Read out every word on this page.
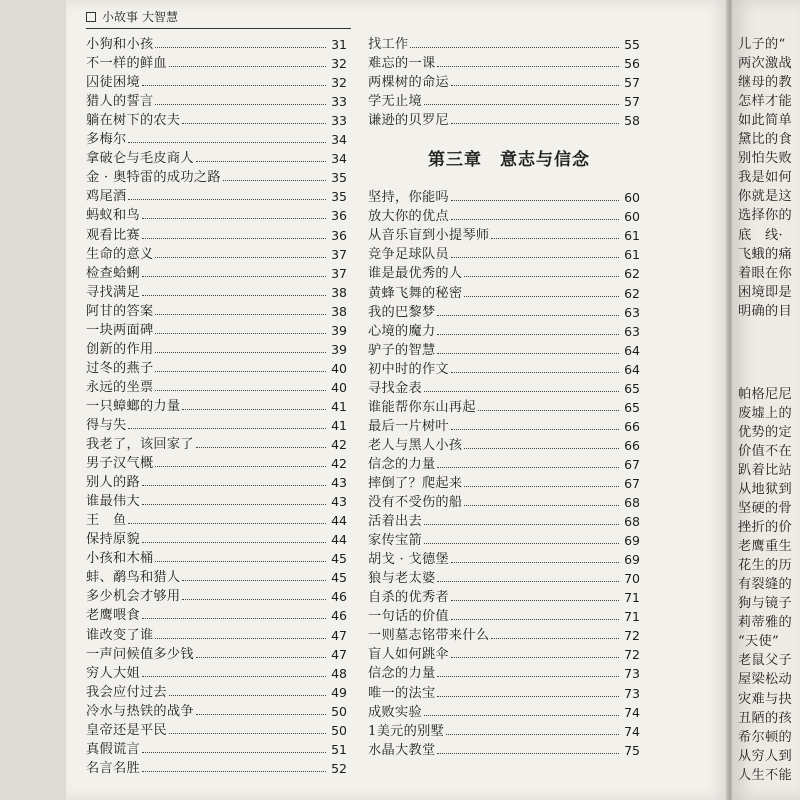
小故事 大智慧
小狗和小孩	31
不一样的鲜血	32
囚徒困境	32
猎人的誓言	33
躺在树下的农夫	33
多梅尔	34
拿破仑与毛皮商人	34
金 · 奥特雷的成功之路	35
鸡尾酒	35
蚂蚁和鸟	36
观看比赛	36
生命的意义	37
检查蛤蜊	37
寻找满足	38
阿甘的答案	38
一块两面碑	39
创新的作用	39
过冬的燕子	40
永远的坐票	40
一只蟑螂的力量	41
得与失	41
我老了，该回家了	42
男子汉气概	42
别人的路	43
谁最伟大	43
王　鱼	44
保持原貌	44
小孩和木桶	45
蚌、鹬鸟和猎人	45
多少机会才够用	46
老鹰喂食	46
谁改变了谁	47
一声问候值多少钱	47
穷人大姐	48
我会应付过去	49
冷水与热铁的战争	50
皇帝还是平民	50
真假谎言	51
名言名胜	52
找工作	55
难忘的一课	56
两棵树的命运	57
学无止境	57
谦逊的贝罗尼	58
第三章 意志与信念
坚持，你能吗	60
放大你的优点	60
从音乐盲到小提琴师	61
竞争足球队员	61
谁是最优秀的人	62
黄蜂飞舞的秘密	62
我的巴黎梦	63
心境的魔力	63
驴子的智慧	64
初中时的作文	64
寻找金表	65
谁能帮你东山再起	65
最后一片树叶	66
老人与黑人小孩	66
信念的力量	67
摔倒了？爬起来	67
没有不受伤的船	68
活着出去	68
家传宝箭	69
胡戈 · 戈德堡	69
狼与老太婆	70
自杀的优秀者	71
一句话的价值	71
一则墓志铭带来什么	72
盲人如何跳伞	72
信念的力量	73
唯一的法宝	73
成败实验	74
1美元的别墅	74
水晶大教堂	75
儿子的“
两次激战
继母的教
怎样才能
如此简单
黛比的食
别怕失败
我是如何
你就是这
选择你的
底　线·
飞蛾的痛
着眼在你
困境即是
明确的目
帕格尼尼
废墟上的
优势的定
价值不在
趴着比站
从地狱到
坚硬的骨
挫折的价
老鹰重生
花生的历
有裂缝的
狗与镜子
莉蒂雅的
“天使”
老鼠父子
屋梁松动
灾难与抉
丑陋的孩
希尔顿的
从穷人到
人生不能
